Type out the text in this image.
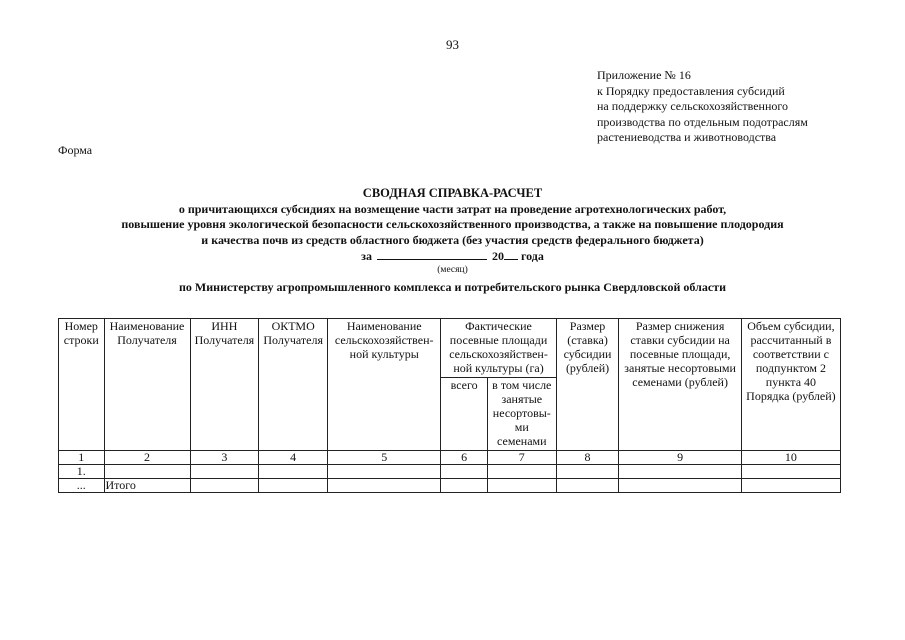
93
Приложение № 16
к Порядку предоставления субсидий
на поддержку сельскохозяйственного
производства по отдельным подотраслям
растениеводства и животноводства
Форма
СВОДНАЯ СПРАВКА-РАСЧЕТ
о причитающихся субсидиях на возмещение части затрат на проведение агротехнологических работ,
повышение уровня экологической безопасности сельскохозяйственного производства, а также на повышение плодородия
и качества почв из средств областного бюджета (без участия средств федерального бюджета)
за	20 года
(месяц)
по Министерству агропромышленного комплекса и потребительского рынка Свердловской области
Номер строки	Наименование Получателя	ИНН Получателя	ОКТМО Получателя	Наименование сельскохозяйствен-ной культуры	Фактические посевные площади сельскохозяйствен-ной культуры (га)		Размер (ставка) субсидии (рублей)	Размер снижения ставки субсидии на посевные площади, занятые несортовыми семенами (рублей)	Объем субсидии, рассчитанный в соответствии с подпунктом 2 пункта 40 Порядка (рублей)
					всего	в том числе занятые несортовы-ми семенами			
1	2	3	4	5	6	7	8	9	10
1.									
...	Итого								
